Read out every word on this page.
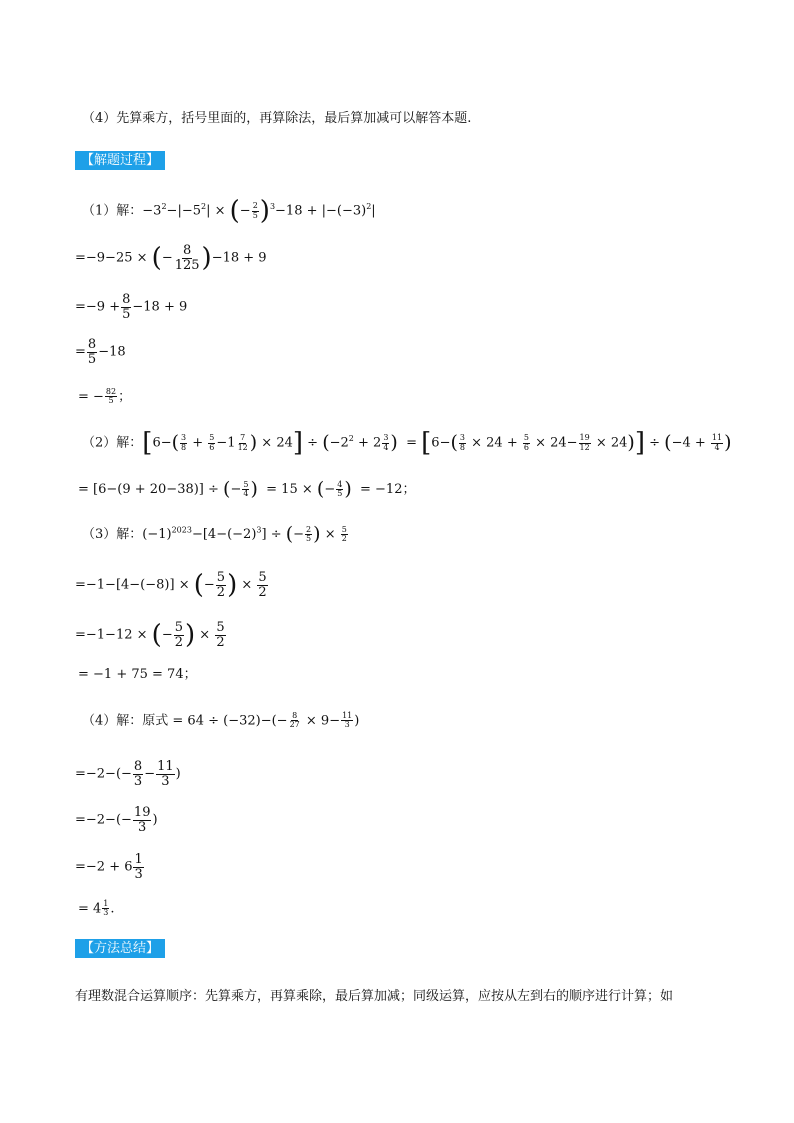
（4）先算乘方，括号里面的，再算除法，最后算加减可以解答本题.
【解题过程】
（1）解：$-3^2-|-5^2|$ × (− $\frac{2}{5} )^3-18 + |-(-3)^2|$
=−9−25 × (− $\frac{8}{125} )-18 + 9$
$=-9 + \frac{8}{5} -18 + 9$
= $\frac{8}{5} -18$
= − $\frac{82}{5}$ ；
（2）解：[$6-( \frac{3}{8} + \frac{5}{6} -1 \frac{7}{12}$ ) × $24] \div (-2^2 + 2 \frac{3}{4}$ )  = $[6-( \frac{3}{8} \times 24 + \frac{5}{6} \times 24- \frac{19}{12} \times 24)] \div (-4 + \frac{11}{4}$ )
= [6−(9 + 20−38)] ÷ (− $\frac{5}{4}$ ) = 15 × (− $\frac{4}{5}$ ) = −12；
（3）解：$(-1)^{2023}-[4-(-2)^3]$ ÷ (− $\frac{2}{5}$ ) × $\frac{5}{2}$
=−1−[4−(−8)] × (− $\frac{5}{2}$ ) × $\frac{5}{2}$
=−1−12 × (− $\frac{5}{2}$ ) × $\frac{5}{2}$
= −1 + 75 = 74；
（4）解：原式 = $64 \div (-32)-(- \frac{8}{27} \times 9- \frac{11}{3}$ )
$=-2-(- \frac{8}{3} - \frac{11}{3}$ )
$=-2-(- \frac{19}{3}$ )
$=-2 + 6 \frac{1}{3}$
= $4 \frac{1}{3}$ .
【方法总结】
有理数混合运算顺序：先算乘方，再算乘除，最后算加减；同级运算，应按从左到右的顺序进行计算；如
